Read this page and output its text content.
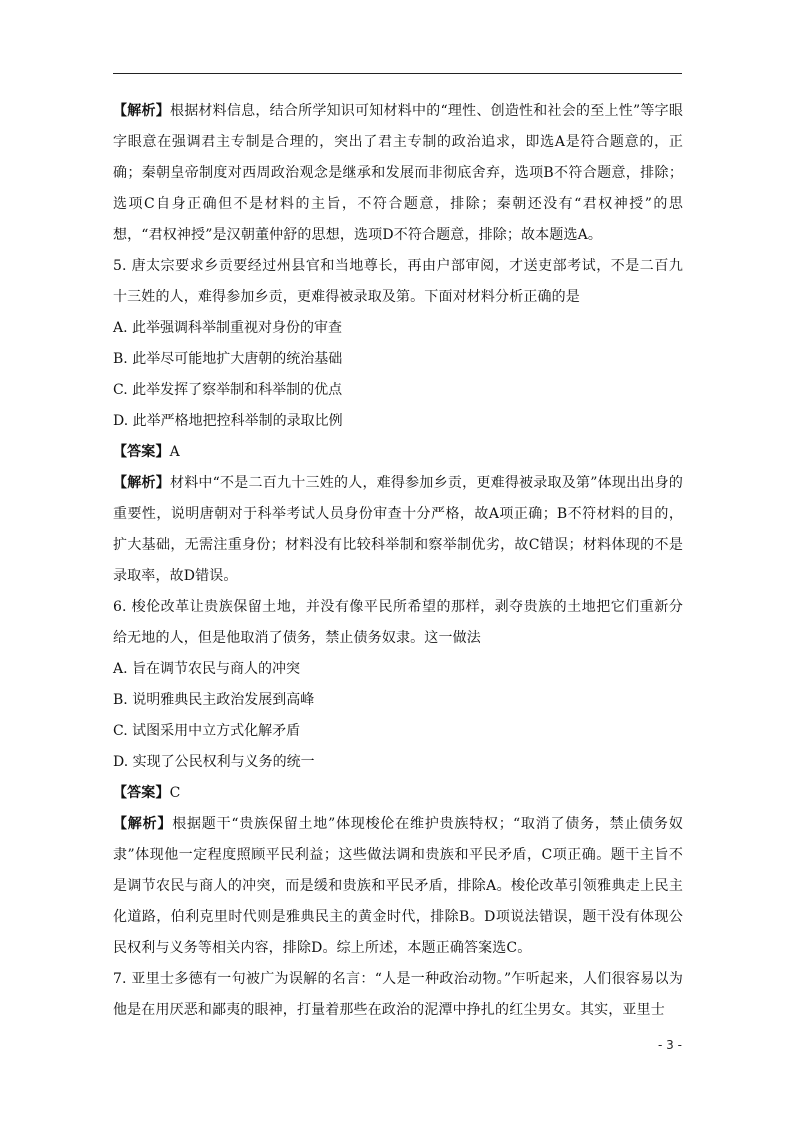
【解析】根据材料信息，结合所学知识可知材料中的“理性、创造性和社会的至上性”等字眼字眼意在强调君主专制是合理的，突出了君主专制的政治追求，即选A是符合题意的，正确；秦朝皇帝制度对西周政治观念是继承和发展而非彻底舍弃，选项B不符合题意，排除；选项C自身正确但不是材料的主旨，不符合题意，排除；秦朝还没有“君权神授”的思想，“君权神授”是汉朝董仲舒的思想，选项D不符合题意，排除；故本题选A。

5. 唐太宗要求乡贡要经过州县官和当地尊长，再由户部审阅，才送吏部考试，不是二百九十三姓的人，难得参加乡贡，更难得被录取及第。下面对材料分析正确的是

A. 此举强调科举制重视对身份的审查

B. 此举尽可能地扩大唐朝的统治基础

C. 此举发挥了察举制和科举制的优点

D. 此举严格地把控科举制的录取比例

【答案】A

【解析】材料中“不是二百九十三姓的人，难得参加乡贡，更难得被录取及第”体现出出身的重要性，说明唐朝对于科举考试人员身份审查十分严格，故A项正确；B不符材料的目的，扩大基础，无需注重身份；材料没有比较科举制和察举制优劣，故C错误；材料体现的不是录取率，故D错误。

6. 梭伦改革让贵族保留土地，并没有像平民所希望的那样，剥夺贵族的土地把它们重新分给无地的人，但是他取消了债务，禁止债务奴隶。这一做法

A. 旨在调节农民与商人的冲突

B. 说明雅典民主政治发展到高峰

C. 试图采用中立方式化解矛盾

D. 实现了公民权利与义务的统一

【答案】C

【解析】根据题干“贵族保留土地”体现梭伦在维护贵族特权；“取消了债务，禁止债务奴隶”体现他一定程度照顾平民利益；这些做法调和贵族和平民矛盾，C项正确。题干主旨不是调节农民与商人的冲突，而是缓和贵族和平民矛盾，排除A。梭伦改革引领雅典走上民主化道路，伯利克里时代则是雅典民主的黄金时代，排除B。D项说法错误，题干没有体现公民权利与义务等相关内容，排除D。综上所述，本题正确答案选C。

7. 亚里士多德有一句被广为误解的名言：“人是一种政治动物。”乍听起来，人们很容易以为他是在用厌恶和鄙夷的眼神，打量着那些在政治的泥潭中挣扎的红尘男女。其实，亚里士

- 3 -
